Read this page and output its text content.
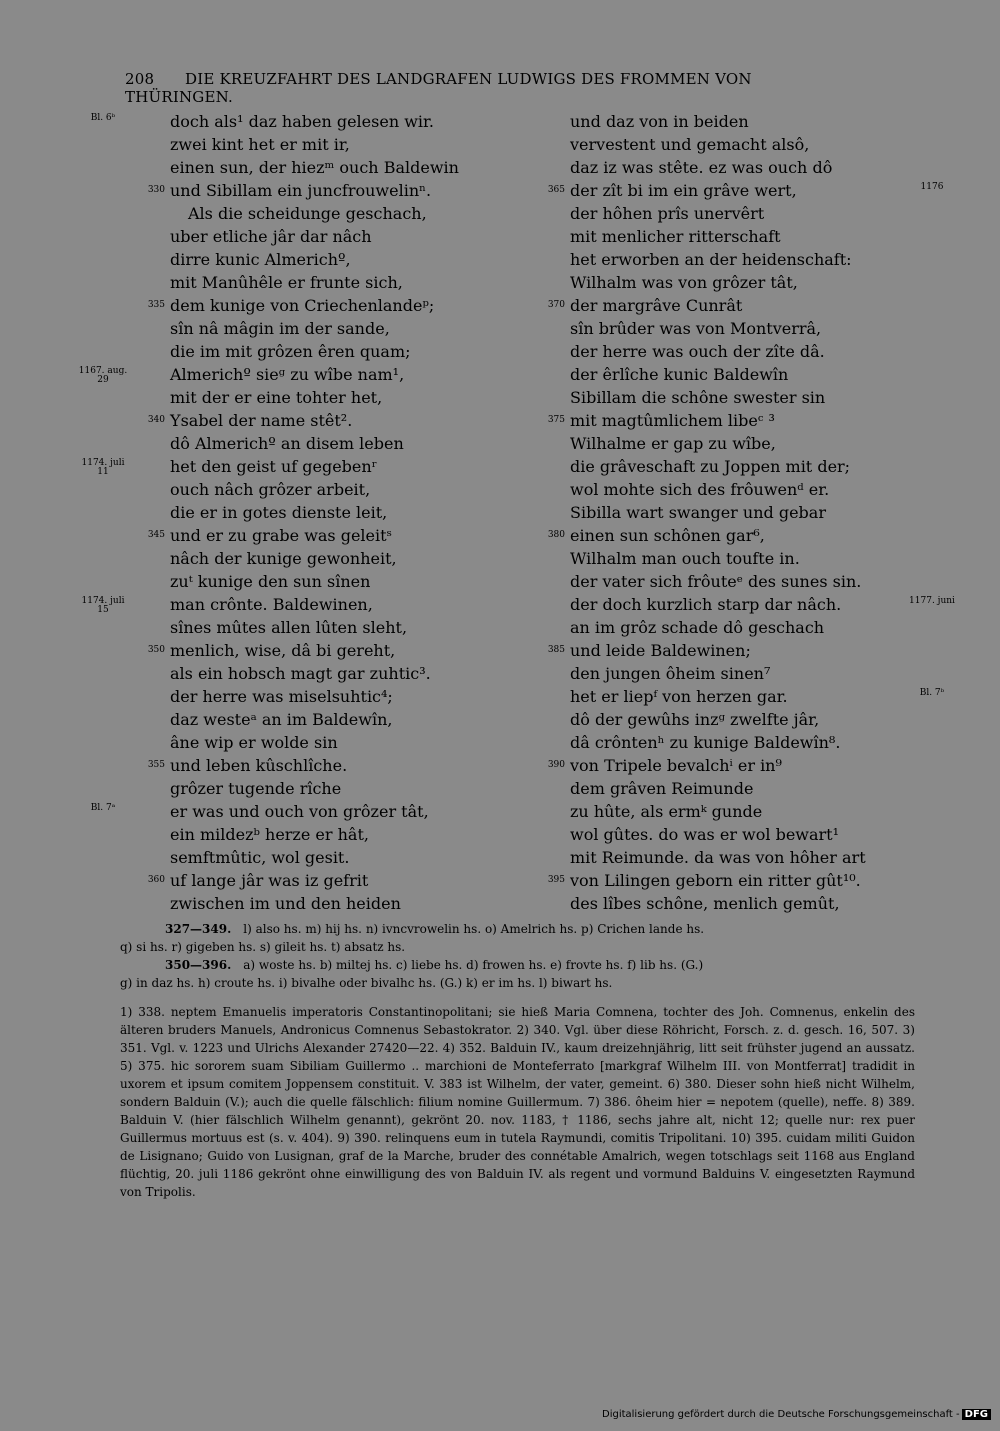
208 DIE KREUZFAHRT DES LANDGRAFEN LUDWIGS DES FROMMEN VON THÜRINGEN.
doch als¹ daz haben gelesen wir.
zwei kint het er mit ir,
einen sun, der hiezᵐ ouch Baldewin
330 und Sibillam ein juncfrouwelinⁿ.
Als die scheidunge geschach,
uber etliche jâr dar nâch
dirre kunic Almerichº,
mit Manûhêle er frunte sich,
335 dem kunige von Criechenlandeᵖ;
sîn nâ mâgin im der sande,
die im mit grôzen êren quam;
Almerichº sieᵍ zu wîbe nam¹,
mit der er eine tohter het,
340 Ysabel der name stêt².
dô Almerichº an disem leben
het den geist uf gegebenʳ
ouch nâch grôzer arbeit,
die er in gotes dienste leit,
345 und er zu grabe was geleitˢ
nâch der kunige gewonheit,
zuᵗ kunige den sun sînen
man crônte. Baldewinen,
sînes mûtes allen lûten sleht,
350 menlich, wise, dâ bi gereht,
als ein hobsch magt gar zuhtic³.
der herre was miselsuhtic⁴;
daz westeᵃ an im Baldewîn,
âne wip er wolde sin
355 und leben kûschlîche.
grôzer tugende rîche
er was und ouch von grôzer tât,
ein mildezᵇ herze er hât,
semftmûtic, wol gesit.
360 uf lange jâr was iz gefrit
zwischen im und den heiden
und daz von in beiden
vervestent und gemacht alsô,
daz iz was stête. ez was ouch dô
365 der zît bi im ein grâve wert,
der hôhen prîs unervêrt
mit menlicher ritterschaft
het erworben an der heidenschaft:
Wilhalm was von grôzer tât,
370 der margrâve Cunrât
sîn brûder was von Montverrâ,
der herre was ouch der zîte dâ.
der êrlîche kunic Baldewîn
Sibillam die schône swester sin
375 mit magtûmlichem libeᶜ ³
Wilhalme er gap zu wîbe,
die grâveschaft zu Joppen mit der;
wol mohte sich des frôuwenᵈ er.
Sibilla wart swanger und gebar
380 einen sun schônen gar⁶,
Wilhalm man ouch toufte in.
der vater sich frôuteᵉ des sunes sin.
der doch kurzlich starp dar nâch.
an im grôz schade dô geschach
385 und leide Baldewinen;
den jungen ôheim sinen⁷
het er liepᶠ von herzen gar.
dô der gewûhs inzᵍ zwelfte jâr,
dâ crôntenʰ zu kunige Baldewîn⁸.
390 von Tripele bevalchⁱ er in⁹
dem grâven Reimunde
zu hûte, als ermᵏ gunde
wol gûtes. do was er wol bewart¹
mit Reimunde. da was von hôher art
395 von Lilingen geborn ein ritter gût¹⁰.
des lîbes schône, menlich gemût,
Bl. 6ᵇ
1167. aug. 29
1174. juli 11
1174. juli 15
Bl. 7ᵃ
1176
1177. juni
Bl. 7ᵇ
327—349. l) also hs. m) hij hs. n) ivncvrowelin hs. o) Amelrich hs. p) Crichen lande hs.
q) si hs. r) gigeben hs. s) gileit hs. t) absatz hs.
350—396. a) woste hs. b) miltej hs. c) liebe hs. d) frowen hs. e) frovte hs. f) lib hs. (G.)
g) in daz hs. h) croute hs. i) bivalhe oder bivalhc hs. (G.) k) er im hs. l) biwart hs.
1) 338. neptem Emanuelis imperatoris Constantinopolitani; sie hieß Maria Comnena, tochter des Joh. Comnenus, enkelin des älteren bruders Manuels, Andronicus Comnenus Sebastokrator. 2) 340. Vgl. über diese Röhricht, Forsch. z. d. gesch. 16, 507. 3) 351. Vgl. v. 1223 und Ulrichs Alexander 27420—22. 4) 352. Balduin IV., kaum dreizehnjährig, litt seit frühster jugend an aussatz. 5) 375. hic sororem suam Sibiliam Guillermo .. marchioni de Monteferrato [markgraf Wilhelm III. von Montferrat] tradidit in uxorem et ipsum comitem Joppensem constituit. V. 383 ist Wilhelm, der vater, gemeint. 6) 380. Dieser sohn hieß nicht Wilhelm, sondern Balduin (V.); auch die quelle fälschlich: filium nomine Guillermum. 7) 386. ôheim hier = nepotem (quelle), neffe. 8) 389. Balduin V. (hier fälschlich Wilhelm genannt), gekrönt 20. nov. 1183, † 1186, sechs jahre alt, nicht 12; quelle nur: rex puer Guillermus mortuus est (s. v. 404). 9) 390. relinquens eum in tutela Raymundi, comitis Tripolitani. 10) 395. cuidam militi Guidon de Lisignano; Guido von Lusignan, graf de la Marche, bruder des connétable Amalrich, wegen totschlags seit 1168 aus England flüchtig, 20. juli 1186 gekrönt ohne einwilligung des von Balduin IV. als regent und vormund Balduins V. eingesetzten Raymund von Tripolis.
Digitalisierung gefördert durch die Deutsche Forschungsgemeinschaft - DFG
